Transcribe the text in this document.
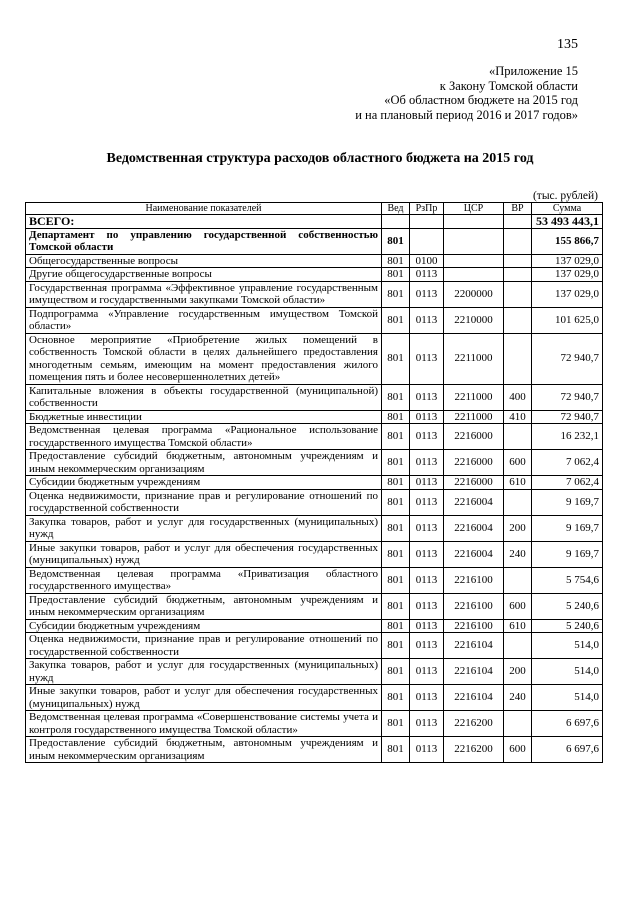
135
«Приложение 15
к Закону Томской области
«Об областном бюджете на 2015 год
и на плановый период 2016 и 2017 годов»
Ведомственная структура расходов областного бюджета на 2015 год
(тыс. рублей)
Наименование показателей	Вед	РзПр	ЦСР	ВР	Сумма
ВСЕГО:					53 493 443,1
Департамент по управлению государственной собственностью Томской области	801				155 866,7
Общегосударственные вопросы	801	0100			137 029,0
Другие общегосударственные вопросы	801	0113			137 029,0
Государственная программа «Эффективное управление государственным имуществом и государственными закупками Томской области»	801	0113	2200000		137 029,0
Подпрограмма «Управление государственным имуществом Томской области»	801	0113	2210000		101 625,0
Основное мероприятие «Приобретение жилых помещений в собственность Томской области в целях дальнейшего предоставления многодетным семьям, имеющим на момент предоставления жилого помещения пять и более несовершеннолетних детей»	801	0113	2211000		72 940,7
Капитальные вложения в объекты государственной (муниципальной) собственности	801	0113	2211000	400	72 940,7
Бюджетные инвестиции	801	0113	2211000	410	72 940,7
Ведомственная целевая программа «Рациональное использование государственного имущества Томской области»	801	0113	2216000		16 232,1
Предоставление субсидий бюджетным, автономным учреждениям и иным некоммерческим организациям	801	0113	2216000	600	7 062,4
Субсидии бюджетным учреждениям	801	0113	2216000	610	7 062,4
Оценка недвижимости, признание прав и регулирование отношений по государственной собственности	801	0113	2216004		9 169,7
Закупка товаров, работ и услуг для государственных (муниципальных) нужд	801	0113	2216004	200	9 169,7
Иные закупки товаров, работ и услуг для обеспечения государственных (муниципальных) нужд	801	0113	2216004	240	9 169,7
Ведомственная целевая программа «Приватизация областного государственного имущества»	801	0113	2216100		5 754,6
Предоставление субсидий бюджетным, автономным учреждениям и иным некоммерческим организациям	801	0113	2216100	600	5 240,6
Субсидии бюджетным учреждениям	801	0113	2216100	610	5 240,6
Оценка недвижимости, признание прав и регулирование отношений по государственной собственности	801	0113	2216104		514,0
Закупка товаров, работ и услуг для государственных (муниципальных) нужд	801	0113	2216104	200	514,0
Иные закупки товаров, работ и услуг для обеспечения государственных (муниципальных) нужд	801	0113	2216104	240	514,0
Ведомственная целевая программа «Совершенствование системы учета и контроля государственного имущества Томской области»	801	0113	2216200		6 697,6
Предоставление субсидий бюджетным, автономным учреждениям и иным некоммерческим организациям	801	0113	2216200	600	6 697,6
